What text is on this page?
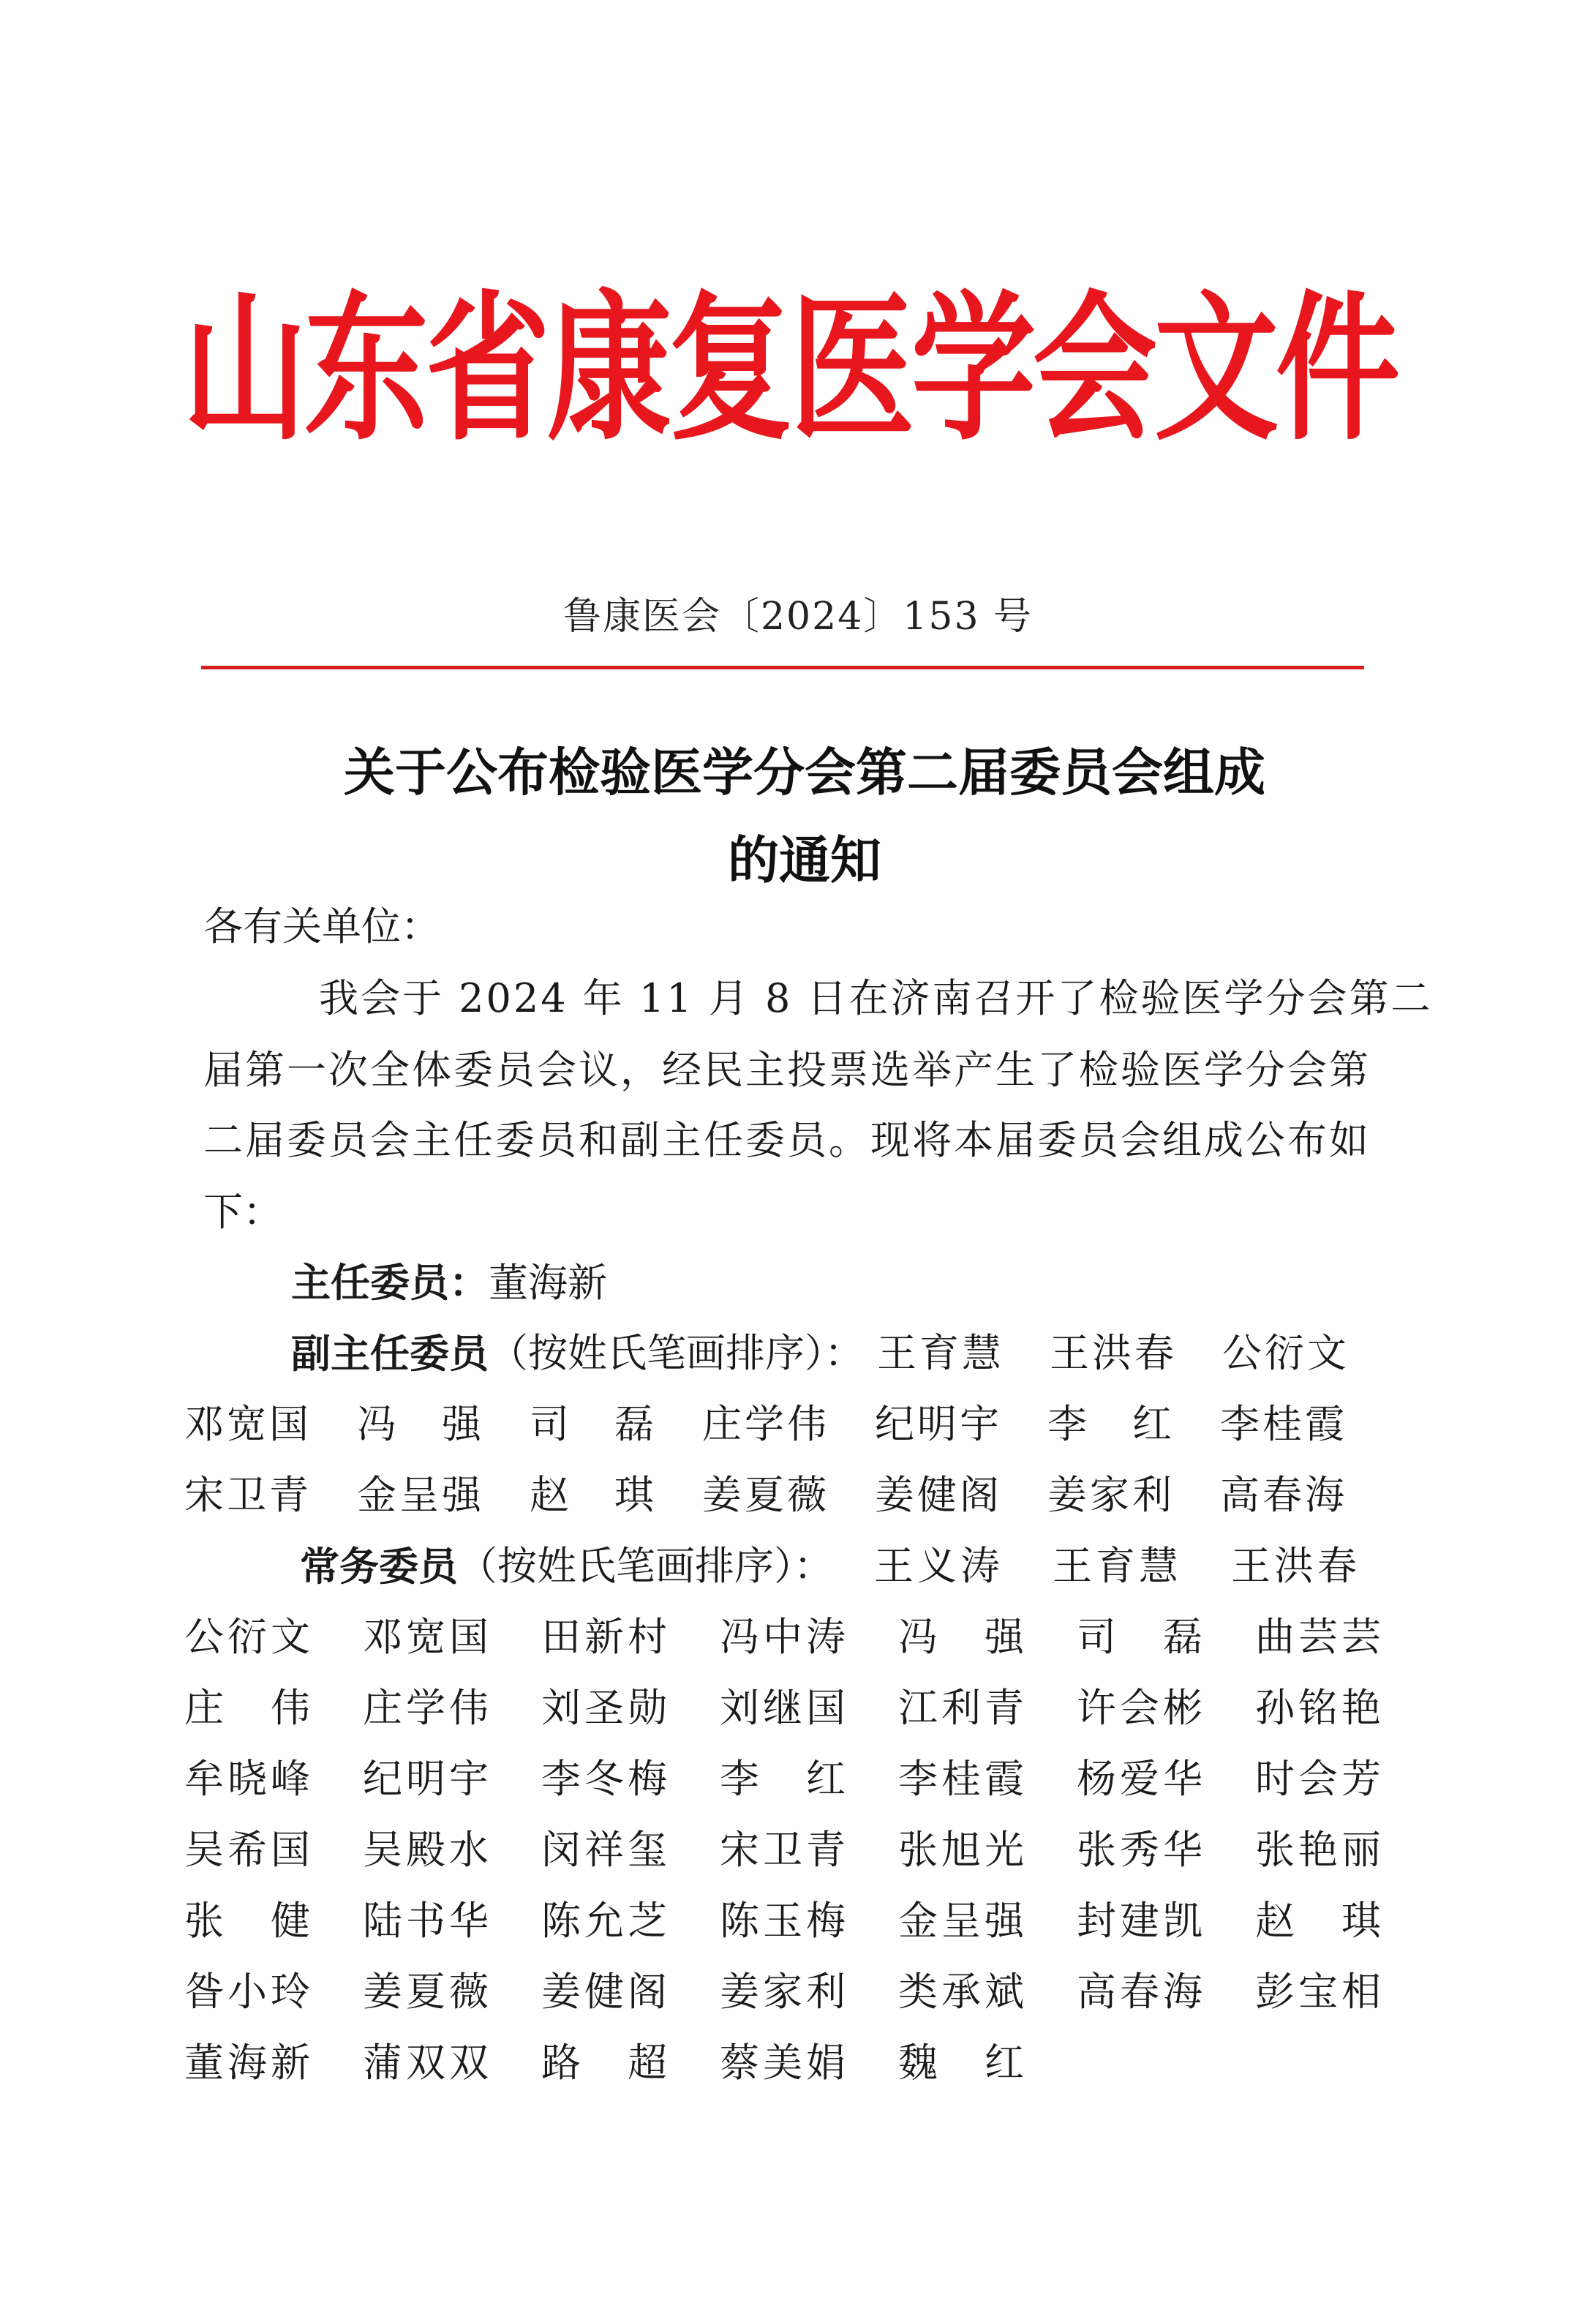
山东省康复医学会文件
鲁康医会〔2024〕153 号
关于公布检验医学分会第二届委员会组成
的通知
各有关单位：
我会于 2024 年 11 月 8 日在济南召开了检验医学分会第二
届第一次全体委员会议，经民主投票选举产生了检验医学分会第
二届委员会主任委员和副主任委员。现将本届委员会组成公布如
下：
主任委员：董海新
副主任委员 （按姓氏笔画排序）： 王育慧 王洪春 公衍文
邓宽国 冯　强 司　磊 庄学伟 纪明宇 李　红 李桂霞
宋卫青 金呈强 赵　琪 姜夏薇 姜健阁 姜家利 高春海
常务委员 （按姓氏笔画排序）： 王义涛 王育慧 王洪春
公衍文 邓宽国 田新村 冯中涛 冯　强 司　磊 曲芸芸
庄　伟 庄学伟 刘圣勋 刘继国 江利青 许会彬 孙铭艳
牟晓峰 纪明宇 李冬梅 李　红 李桂霞 杨爱华 时会芳
吴希国 吴殿水 闵祥玺 宋卫青 张旭光 张秀华 张艳丽
张　健 陆书华 陈允芝 陈玉梅 金呈强 封建凯 赵　琪
昝小玲 姜夏薇 姜健阁 姜家利 类承斌 高春海 彭宝相
董海新 蒲双双 路　超 蔡美娟 魏　红
